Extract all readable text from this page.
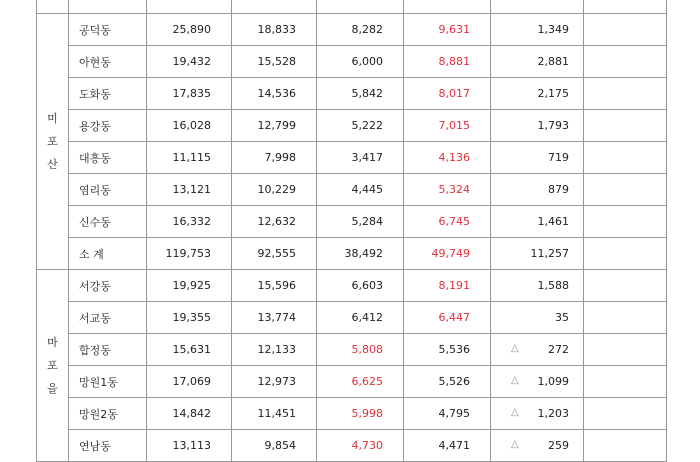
미
포
산	공덕동	25,890	18,833	8,282	9,631	1,349	
	아현동	19,432	15,528	6,000	8,881	2,881	
	도화동	17,835	14,536	5,842	8,017	2,175	
	용강동	16,028	12,799	5,222	7,015	1,793	
	대흥동	11,115	7,998	3,417	4,136	719	
	염리동	13,121	10,229	4,445	5,324	879	
	신수동	16,332	12,632	5,284	6,745	1,461	
	소 계	119,753	92,555	38,492	49,749	11,257	

마
포
을	서강동	19,925	15,596	6,603	8,191	1,588	
	서교동	19,355	13,774	6,412	6,447	35	
	합정동	15,631	12,133	5,808	5,536	△ 272	
	망원1동	17,069	12,973	6,625	5,526	△ 1,099	
	망원2동	14,842	11,451	5,998	4,795	△ 1,203	
	연남동	13,113	9,854	4,730	4,471	△ 259	
